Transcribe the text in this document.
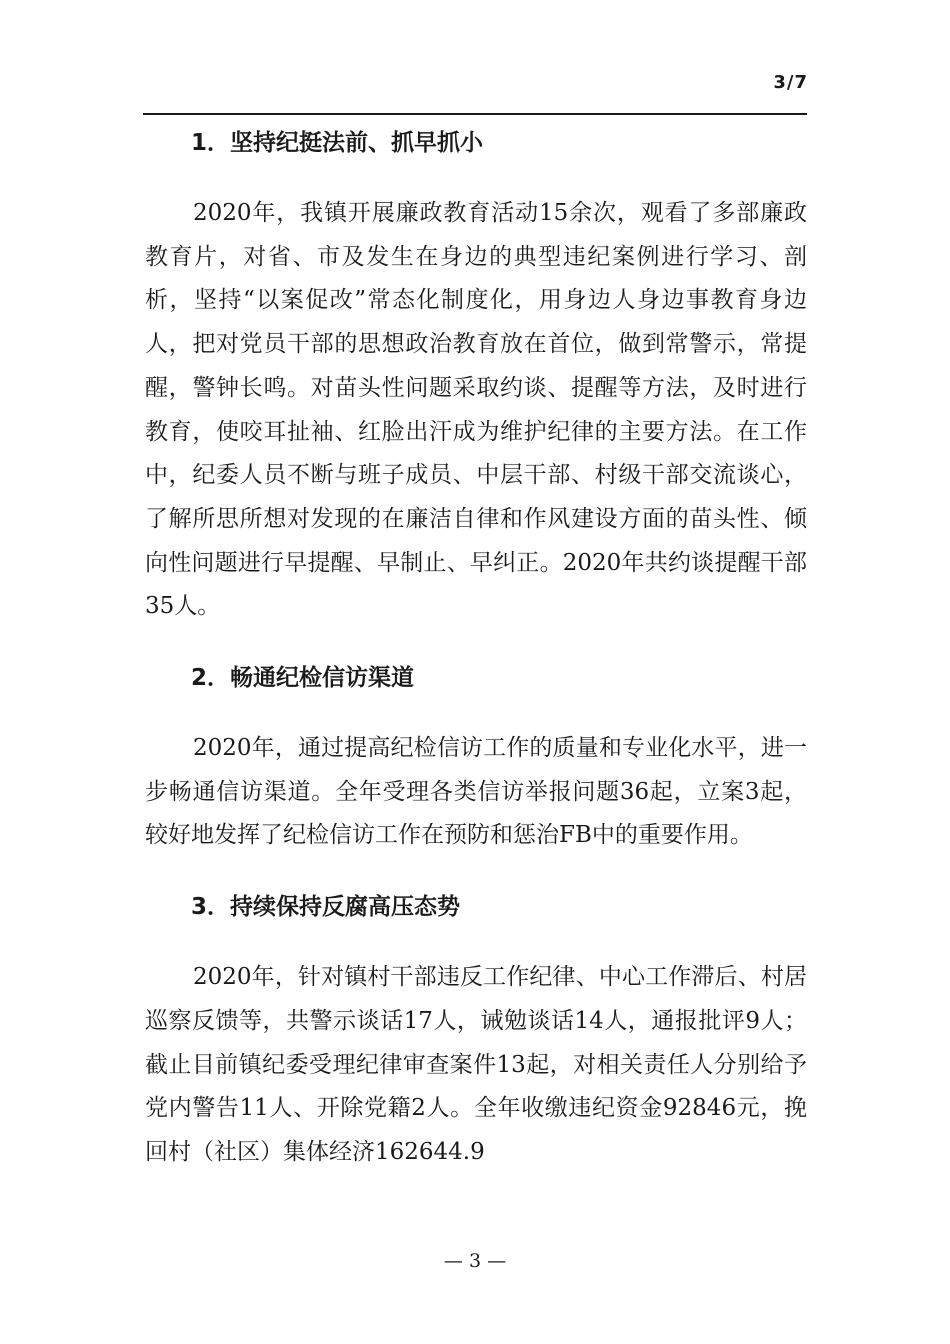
3/7
1．坚持纪挺法前、抓早抓小

2020年，我镇开展廉政教育活动15余次，观看了多部廉政教育片，对省、市及发生在身边的典型违纪案例进行学习、剖析，坚持“以案促改”常态化制度化，用身边人身边事教育身边人，把对党员干部的思想政治教育放在首位，做到常警示，常提醒，警钟长鸣。对苗头性问题采取约谈、提醒等方法，及时进行教育，使咬耳扯袖、红脸出汗成为维护纪律的主要方法。在工作中，纪委人员不断与班子成员、中层干部、村级干部交流谈心，了解所思所想对发现的在廉洁自律和作风建设方面的苗头性、倾向性问题进行早提醒、早制止、早纠正。2020年共约谈提醒干部35人。

2．畅通纪检信访渠道

2020年，通过提高纪检信访工作的质量和专业化水平，进一步畅通信访渠道。全年受理各类信访举报问题36起，立案3起，较好地发挥了纪检信访工作在预防和惩治FB中的重要作用。

3．持续保持反腐高压态势

2020年，针对镇村干部违反工作纪律、中心工作滞后、村居巡察反馈等，共警示谈话17人，诫勉谈话14人，通报批评9人；截止目前镇纪委受理纪律审查案件13起，对相关责任人分别给予党内警告11人、开除党籍2人。全年收缴违纪资金92846元，挽回村（社区）集体经济162644.9

— 3 —
